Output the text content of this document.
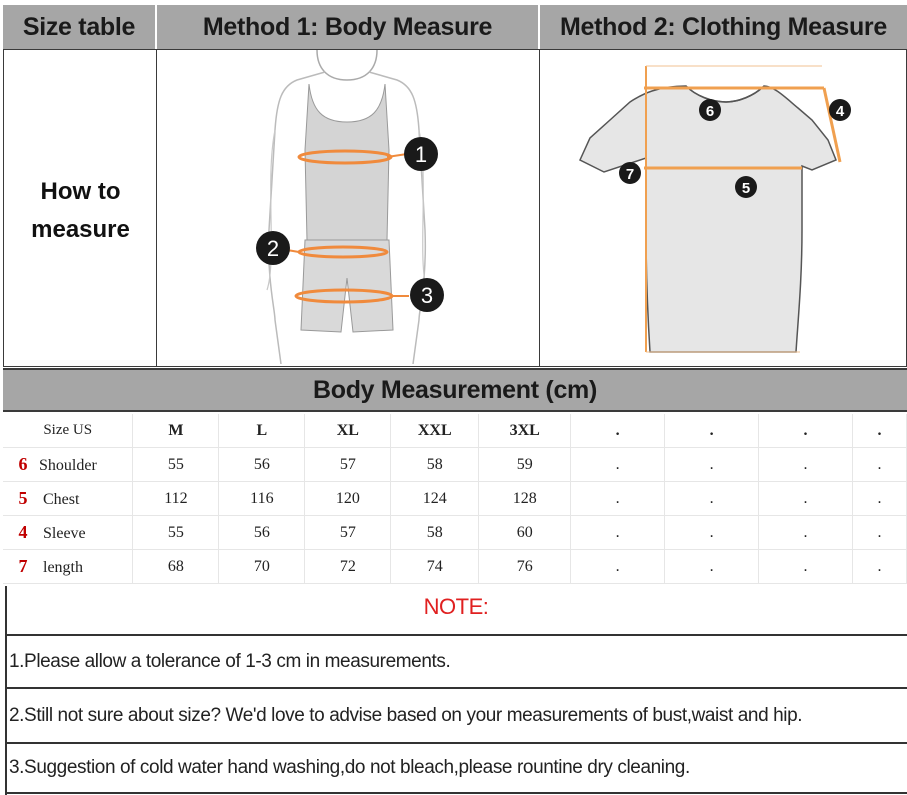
Size table	Method 1: Body Measure	Method 2: Clothing Measure
How to
measure
1
2
3
6	4
7
5
Body Measurement (cm)
Size US	M	L	XL	XXL	3XL	.	.	.	.
6 Shoulder	55	56	57	58	59	.	.	.	.
5 Chest	112	116	120	124	128	.	.	.	.
4 Sleeve	55	56	57	58	60	.	.	.	.
7 length	68	70	72	74	76	.	.	.	.
NOTE:
1.Please allow a tolerance of 1-3 cm in measurements.
2.Still not sure about size? We'd love to advise based on your measurements of bust,waist and hip.
3.Suggestion of cold water hand washing,do not bleach,please rountine dry cleaning.
